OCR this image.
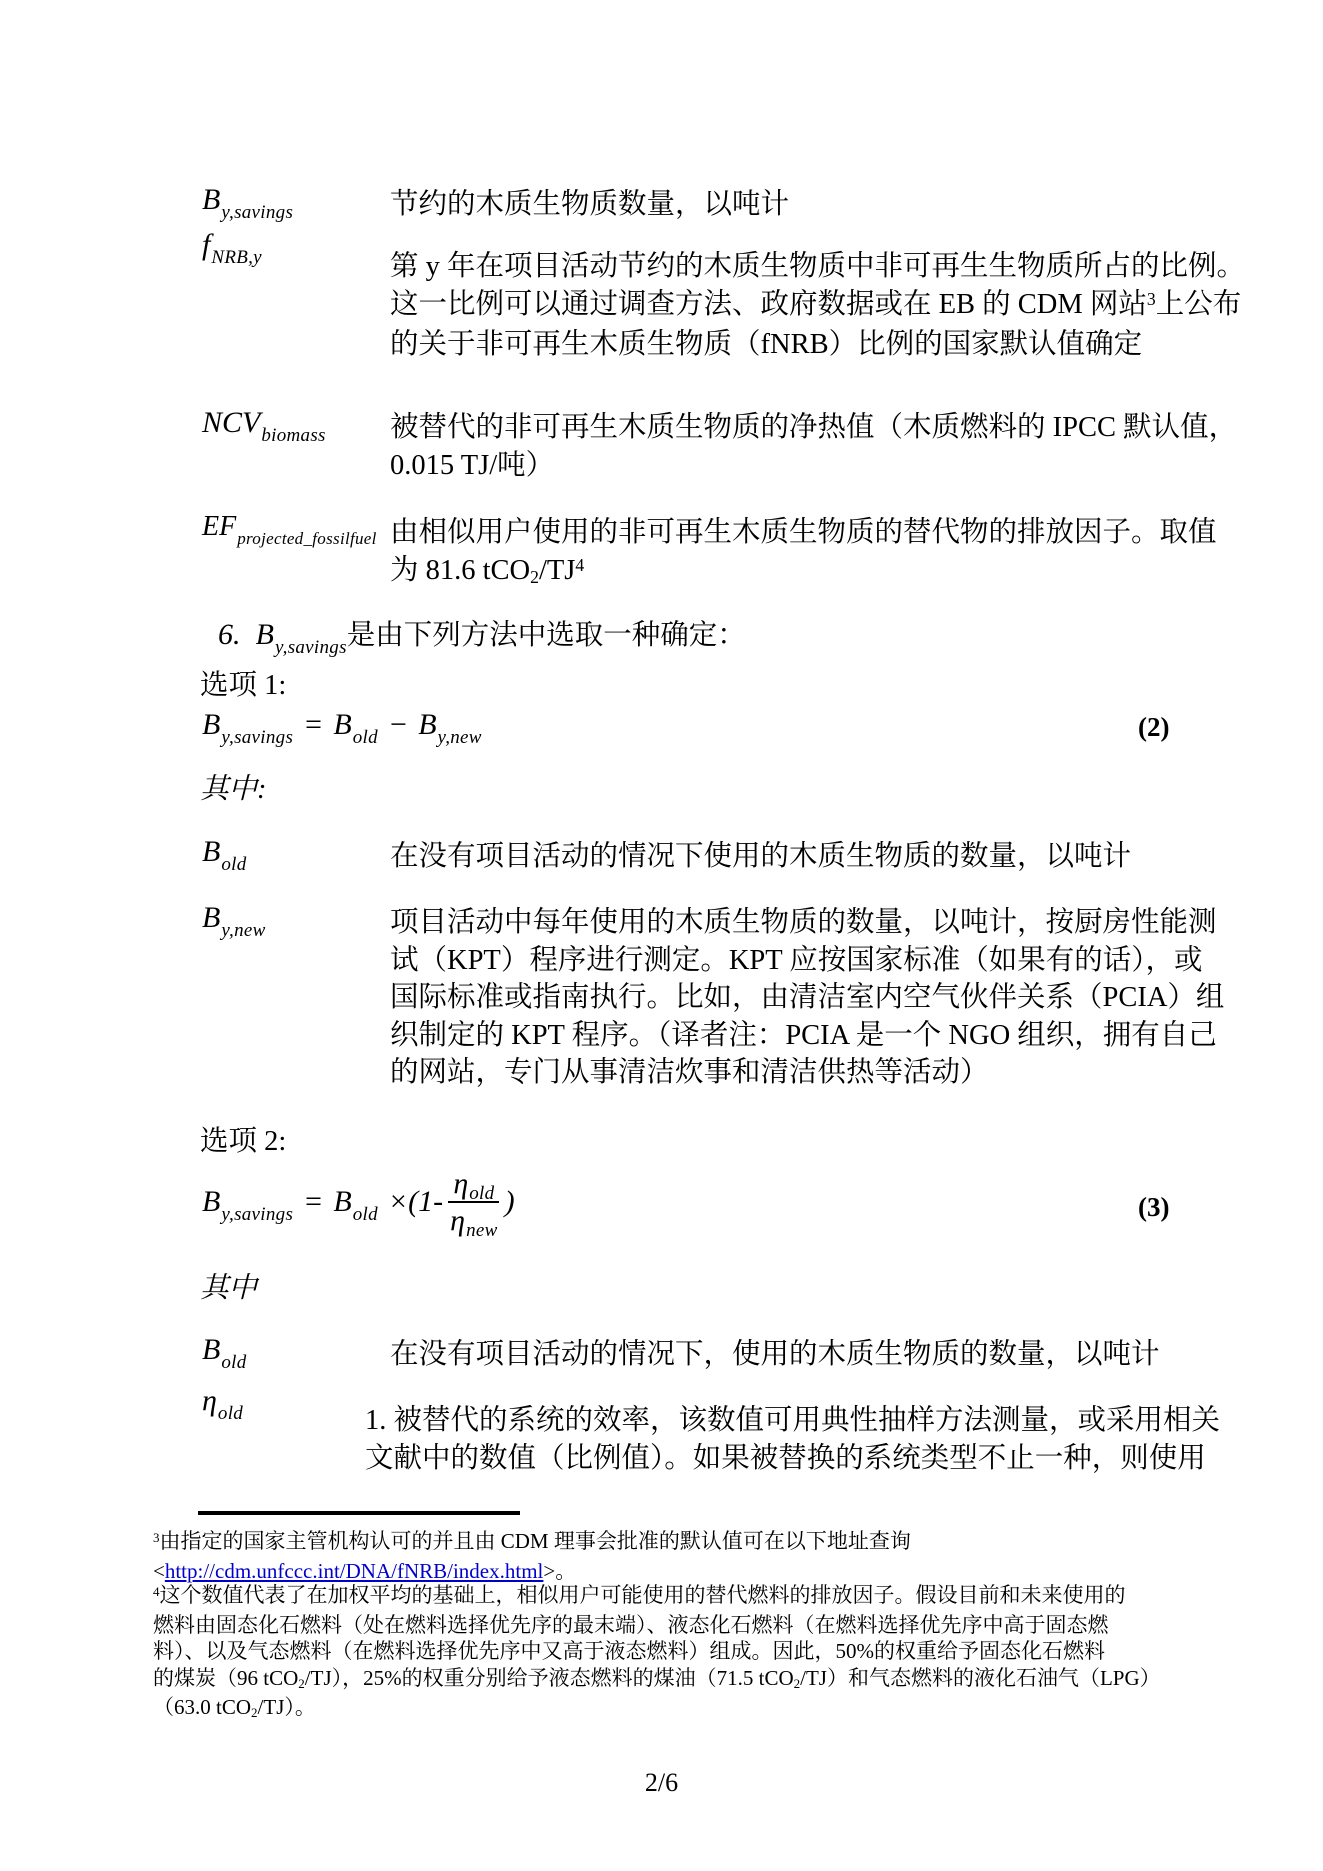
$B_{y,savings}$	节约的木质生物质数量，以吨计
$f_{NRB,y}$	第 y 年在项目活动节约的木质生物质中非可再生生物质所占的比例。
这一比例可以通过调查方法、政府数据或在 EB 的 CDM 网站$^3$上公布
的关于非可再生木质生物质（fNRB）比例的国家默认值确定
$NCV_{biomass}$ 被替代的非可再生木质生物质的净热值（木质燃料的 IPCC 默认值，
0.015 TJ/吨）
$EF_{projected\_fossilfuel}$ 由相似用户使用的非可再生木质生物质的替代物的排放因子。取值
为 81.6 $tCO2/TJ^4$
6. $B_{y,savings}$是由下列方法中选取一种确定：
选项 1:
$B_{y,savings} = B_{old} - B_{y,new}$	(2)
其中:
$B_{old}$	在没有项目活动的情况下使用的木质生物质的数量，以吨计
$B_{y,new}$	项目活动中每年使用的木质生物质的数量，以吨计，按厨房性能测
试（KPT）程序进行测定。KPT 应按国家标准（如果有的话），或
国际标准或指南执行。比如，由清洁室内空气伙伴关系（PCIA）组
织制定的 KPT 程序。（译者注：PCIA 是一个 NGO 组织，拥有自己
的网站，专门从事清洁炊事和清洁供热等活动）
选项 2:
$B_{y,savings} = B_{old} \times(1- \frac{\eta_{old}}{\eta_{new}}$ )	(3)
其中
$B_{old}$	在没有项目活动的情况下，使用的木质生物质的数量，以吨计
$\eta_{old}$	1. 被替代的系统的效率，该数值可用典性抽样方法测量，或采用相关
文献中的数值（比例值）。如果被替换的系统类型不止一种，则使用
$^3$由指定的国家主管机构认可的并且由 CDM 理事会批准的默认值可在以下地址查询
<http://cdm.unfccc.int/DNA/fNRB/index.html>。
$^4$这个数值代表了在加权平均的基础上，相似用户可能使用的替代燃料的排放因子。假设目前和未来使用的
燃料由固态化石燃料（处在燃料选择优先序的最末端）、液态化石燃料（在燃料选择优先序中高于固态燃
料）、以及气态燃料（在燃料选择优先序中又高于液态燃料）组成。因此，50%的权重给予固态化石燃料
的煤炭（96 tCO2/TJ），25%的权重分别给予液态燃料的煤油（71.5 tCO2/TJ）和气态燃料的液化石油气（LPG）
（63.0 tCO2/TJ）。
2/6
